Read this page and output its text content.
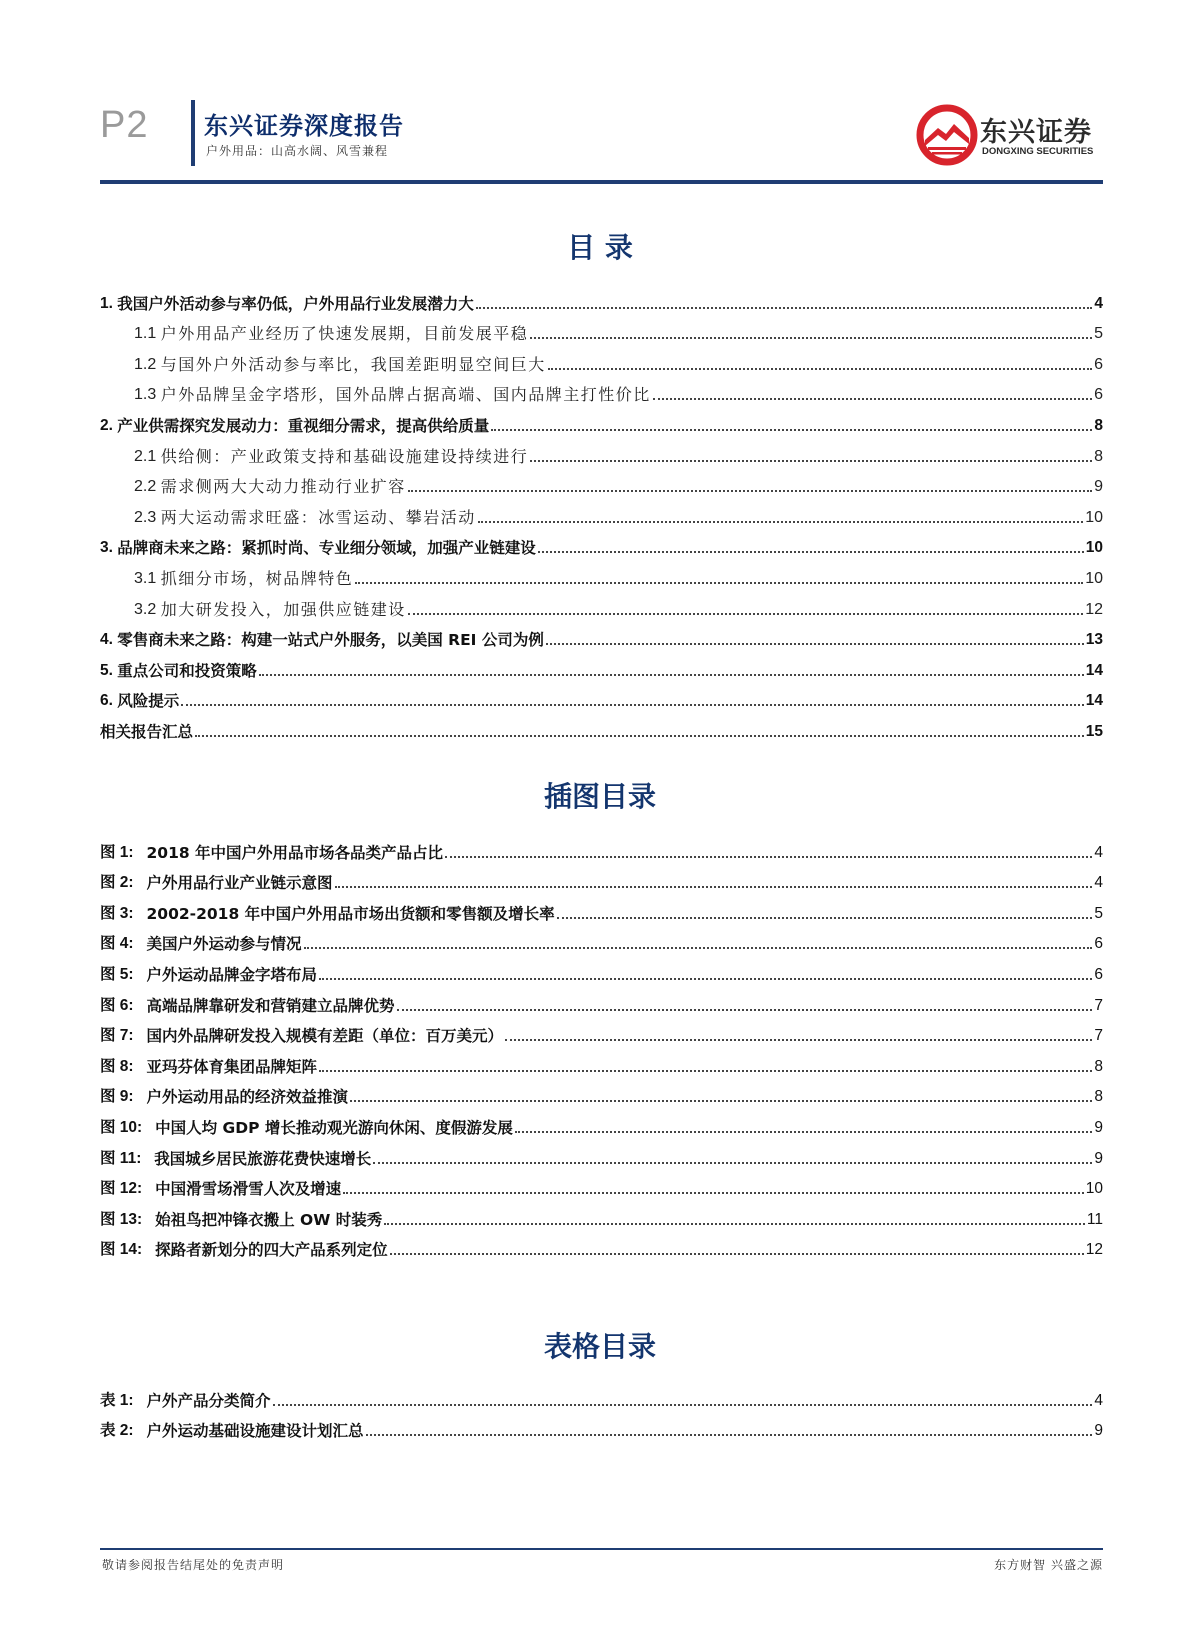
P2 东兴证券深度报告
户外用品：山高水阔、风雪兼程
东兴证券
DONGXING SECURITIES
目 录
1. 我国户外活动参与率仍低，户外用品行业发展潜力大	4
1.1 户外用品产业经历了快速发展期，目前发展平稳	5
1.2 与国外户外活动参与率比，我国差距明显空间巨大	6
1.3 户外品牌呈金字塔形，国外品牌占据高端、国内品牌主打性价比	6
2. 产业供需探究发展动力：重视细分需求，提高供给质量	8
2.1 供给侧：产业政策支持和基础设施建设持续进行	8
2.2 需求侧两大大动力推动行业扩容	9
2.3 两大运动需求旺盛：冰雪运动、攀岩活动	10
3. 品牌商未来之路：紧抓时尚、专业细分领域，加强产业链建设	10
3.1 抓细分市场，树品牌特色	10
3.2 加大研发投入，加强供应链建设	12
4. 零售商未来之路：构建一站式户外服务，以美国 REI 公司为例	13
5. 重点公司和投资策略	14
6. 风险提示	14
相关报告汇总	15
插图目录
图 1: 2018 年中国户外用品市场各品类产品占比	4
图 2: 户外用品行业产业链示意图	4
图 3: 2002-2018 年中国户外用品市场出货额和零售额及增长率	5
图 4: 美国户外运动参与情况	6
图 5: 户外运动品牌金字塔布局	6
图 6: 高端品牌靠研发和营销建立品牌优势	7
图 7: 国内外品牌研发投入规模有差距（单位：百万美元）	7
图 8: 亚玛芬体育集团品牌矩阵	8
图 9: 户外运动用品的经济效益推演	8
图 10: 中国人均 GDP 增长推动观光游向休闲、度假游发展	9
图 11: 我国城乡居民旅游花费快速增长	9
图 12: 中国滑雪场滑雪人次及增速	10
图 13: 始祖鸟把冲锋衣搬上 OW 时装秀	11
图 14: 探路者新划分的四大产品系列定位	12
表格目录
表 1: 户外产品分类简介	4
表 2: 户外运动基础设施建设计划汇总	9
敬请参阅报告结尾处的免责声明	东方财智 兴盛之源
